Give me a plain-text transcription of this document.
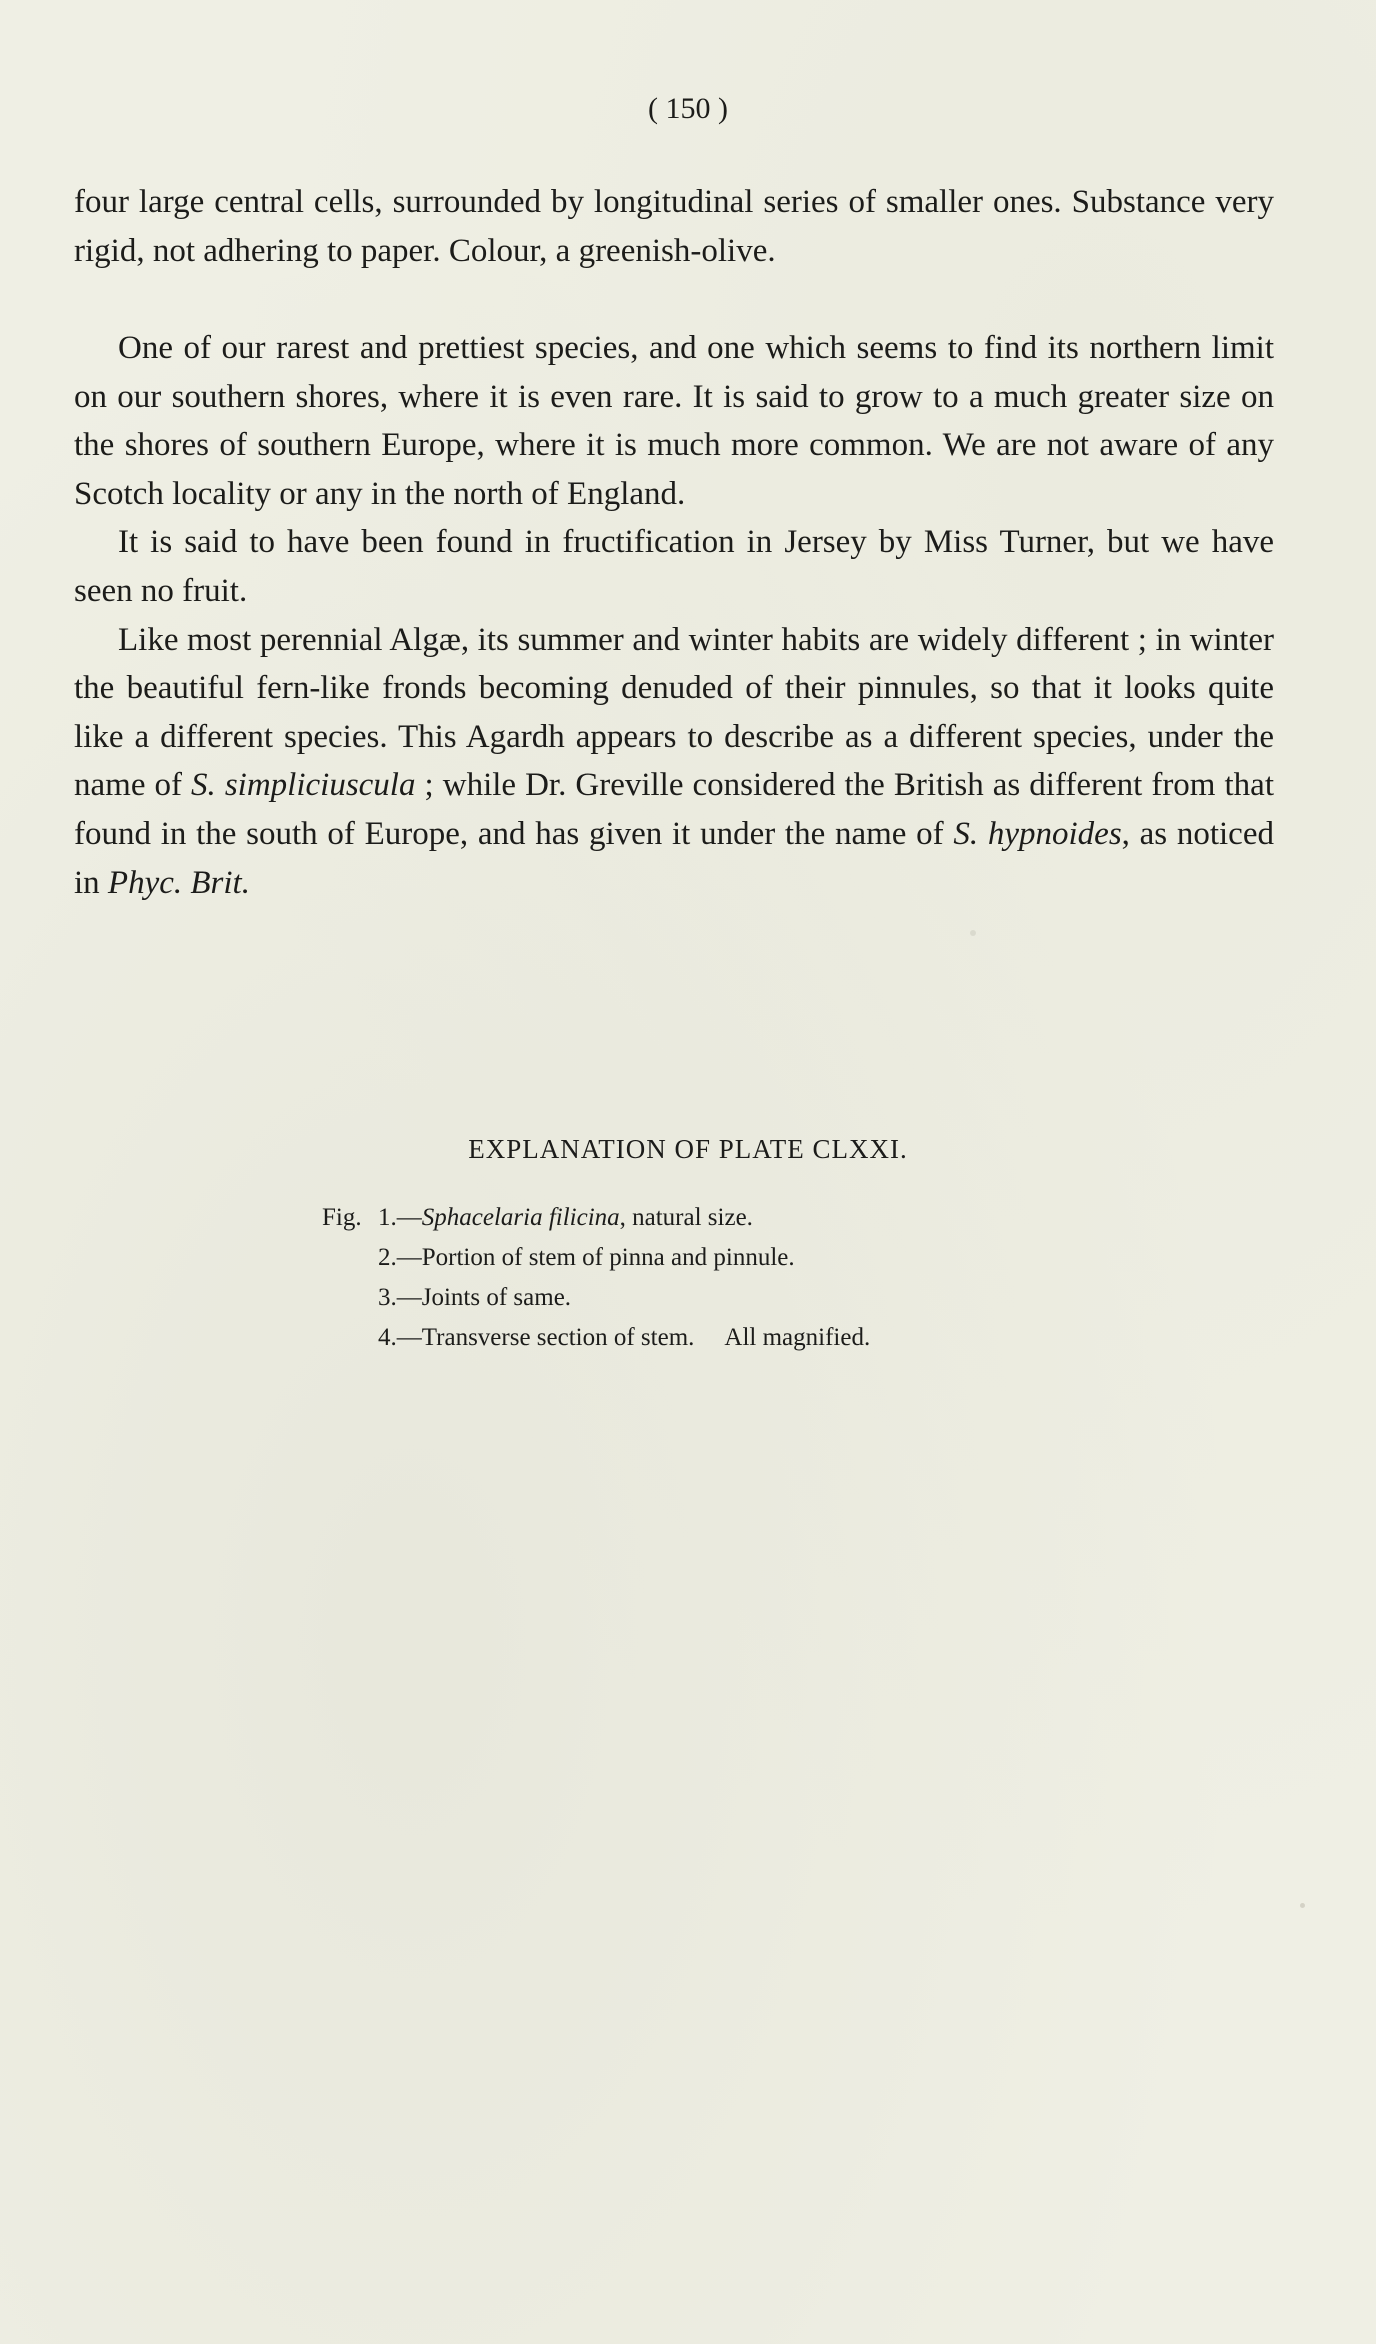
( 150 )

four large central cells, surrounded by longitudinal series of smaller ones. Substance very rigid, not adhering to paper. Colour, a greenish-olive.

One of our rarest and prettiest species, and one which seems to find its northern limit on our southern shores, where it is even rare. It is said to grow to a much greater size on the shores of southern Europe, where it is much more common. We are not aware of any Scotch locality or any in the north of England.

It is said to have been found in fructification in Jersey by Miss Turner, but we have seen no fruit.

Like most perennial Algæ, its summer and winter habits are widely different ; in winter the beautiful fern-like fronds becoming denuded of their pinnules, so that it looks quite like a different species. This Agardh appears to describe as a different species, under the name of S. simpliciuscula ; while Dr. Greville considered the British as different from that found in the south of Europe, and has given it under the name of S. hypnoides, as noticed in Phyc. Brit.

EXPLANATION OF PLATE CLXXI.
Fig. 1.— Sphacelaria filicina, natural size.
2.— Portion of stem of pinna and pinnule.
3.— Joints of same.
4.— Transverse section of stem. All magnified.
